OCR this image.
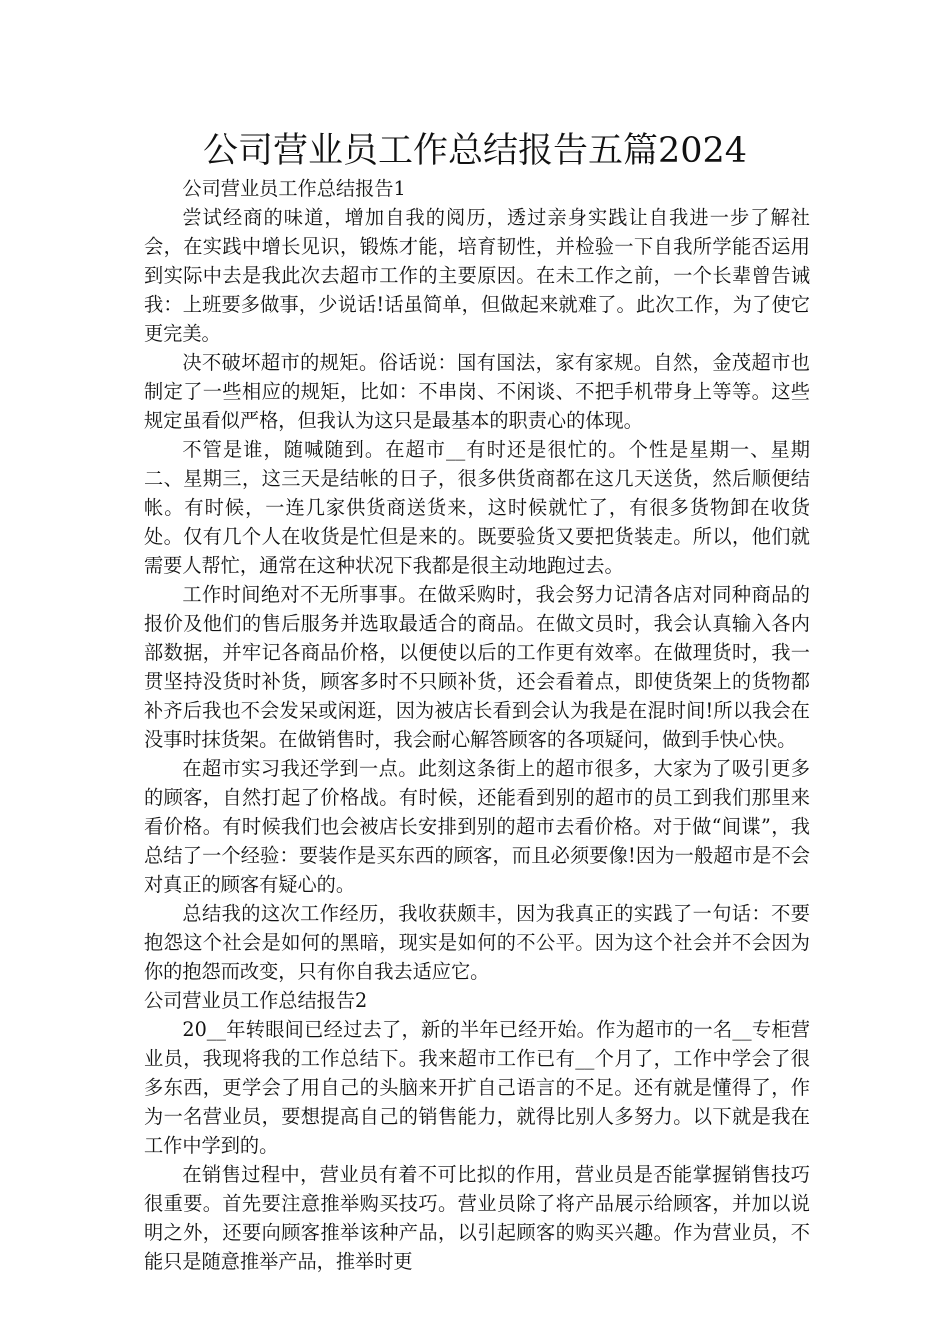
公司营业员工作总结报告五篇2024

公司营业员工作总结报告1

尝试经商的味道，增加自我的阅历，透过亲身实践让自我进一步了解社会，在实践中增长见识，锻炼才能，培育韧性，并检验一下自我所学能否运用到实际中去是我此次去超市工作的主要原因。在未工作之前，一个长辈曾告诫我：上班要多做事，少说话!话虽简单，但做起来就难了。此次工作，为了使它更完美。

决不破坏超市的规矩。俗话说：国有国法，家有家规。自然，金茂超市也制定了一些相应的规矩，比如：不串岗、不闲谈、不把手机带身上等等。这些规定虽看似严格，但我认为这只是最基本的职责心的体现。

不管是谁，随喊随到。在超市__有时还是很忙的。个性是星期一、星期二、星期三，这三天是结帐的日子，很多供货商都在这几天送货，然后顺便结帐。有时候，一连几家供货商送货来，这时候就忙了，有很多货物卸在收货处。仅有几个人在收货是忙但是来的。既要验货又要把货装走。所以，他们就需要人帮忙，通常在这种状况下我都是很主动地跑过去。

工作时间绝对不无所事事。在做采购时，我会努力记清各店对同种商品的报价及他们的售后服务并选取最适合的商品。在做文员时，我会认真输入各内部数据，并牢记各商品价格，以便使以后的工作更有效率。在做理货时，我一贯坚持没货时补货，顾客多时不只顾补货，还会看着点，即使货架上的货物都补齐后我也不会发呆或闲逛，因为被店长看到会认为我是在混时间!所以我会在没事时抹货架。在做销售时，我会耐心解答顾客的各项疑问，做到手快心快。

在超市实习我还学到一点。此刻这条街上的超市很多，大家为了吸引更多的顾客，自然打起了价格战。有时候，还能看到别的超市的员工到我们那里来看价格。有时候我们也会被店长安排到别的超市去看价格。对于做“间谍”，我总结了一个经验：要装作是买东西的顾客，而且必须要像!因为一般超市是不会对真正的顾客有疑心的。

总结我的这次工作经历，我收获颇丰，因为我真正的实践了一句话：不要抱怨这个社会是如何的黑暗，现实是如何的不公平。因为这个社会并不会因为你的抱怨而改变，只有你自我去适应它。

公司营业员工作总结报告2

20__年转眼间已经过去了，新的半年已经开始。作为超市的一名__专柜营业员，我现将我的工作总结下。我来超市工作已有__个月了，工作中学会了很多东西，更学会了用自己的头脑来开扩自己语言的不足。还有就是懂得了，作为一名营业员，要想提高自己的销售能力，就得比别人多努力。以下就是我在工作中学到的。

在销售过程中，营业员有着不可比拟的作用，营业员是否能掌握销售技巧很重要。首先要注意推举购买技巧。营业员除了将产品展示给顾客，并加以说明之外，还要向顾客推举该种产品，以引起顾客的购买兴趣。作为营业员，不能只是随意推举产品，推举时更
